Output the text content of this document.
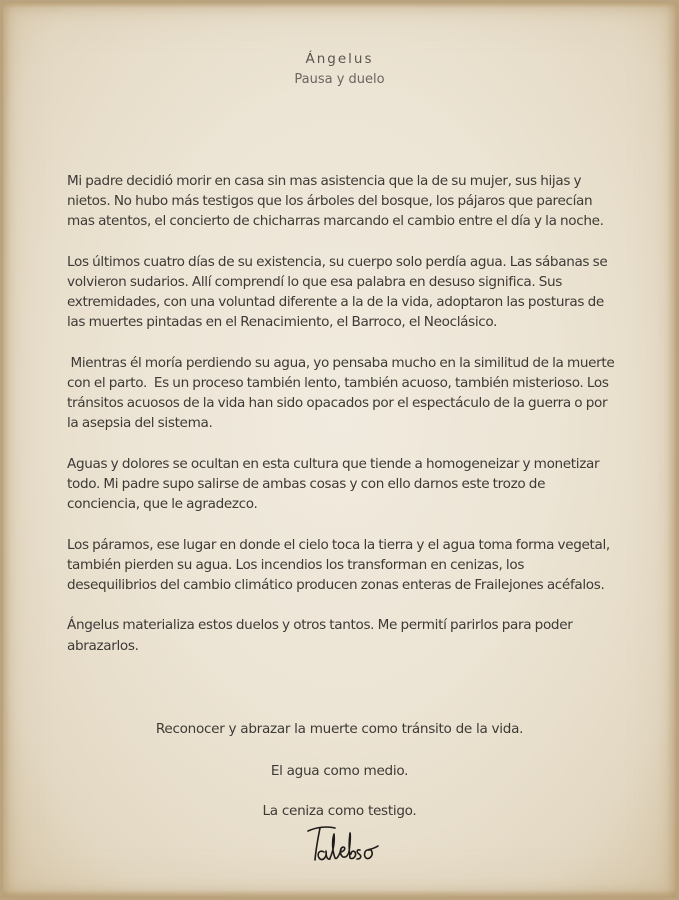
Ángelus
Pausa y duelo

Mi padre decidió morir en casa sin mas asistencia que la de su mujer, sus hijas y nietos. No hubo más testigos que los árboles del bosque, los pájaros que parecían mas atentos, el concierto de chicharras marcando el cambio entre el día y la noche.

Los últimos cuatro días de su existencia, su cuerpo solo perdía agua. Las sábanas se volvieron sudarios. Allí comprendí lo que esa palabra en desuso significa. Sus extremidades, con una voluntad diferente a la de la vida, adoptaron las posturas de las muertes pintadas en el Renacimiento, el Barroco, el Neoclásico.

Mientras él moría perdiendo su agua, yo pensaba mucho en la similitud de la muerte con el parto.  Es un proceso también lento, también acuoso, también misterioso. Los tránsitos acuosos de la vida han sido opacados por el espectáculo de la guerra o por la asepsia del sistema.

Aguas y dolores se ocultan en esta cultura que tiende a homogeneizar y monetizar todo. Mi padre supo salirse de ambas cosas y con ello darnos este trozo de conciencia, que le agradezco.

Los páramos, ese lugar en donde el cielo toca la tierra y el agua toma forma vegetal, también pierden su agua. Los incendios los transforman en cenizas, los desequilibrios del cambio climático producen zonas enteras de Frailejones acéfalos.

Ángelus materializa estos duelos y otros tantos. Me permití parirlos para poder abrazarlos.

Reconocer y abrazar la muerte como tránsito de la vida.
El agua como medio.
La ceniza como testigo.
